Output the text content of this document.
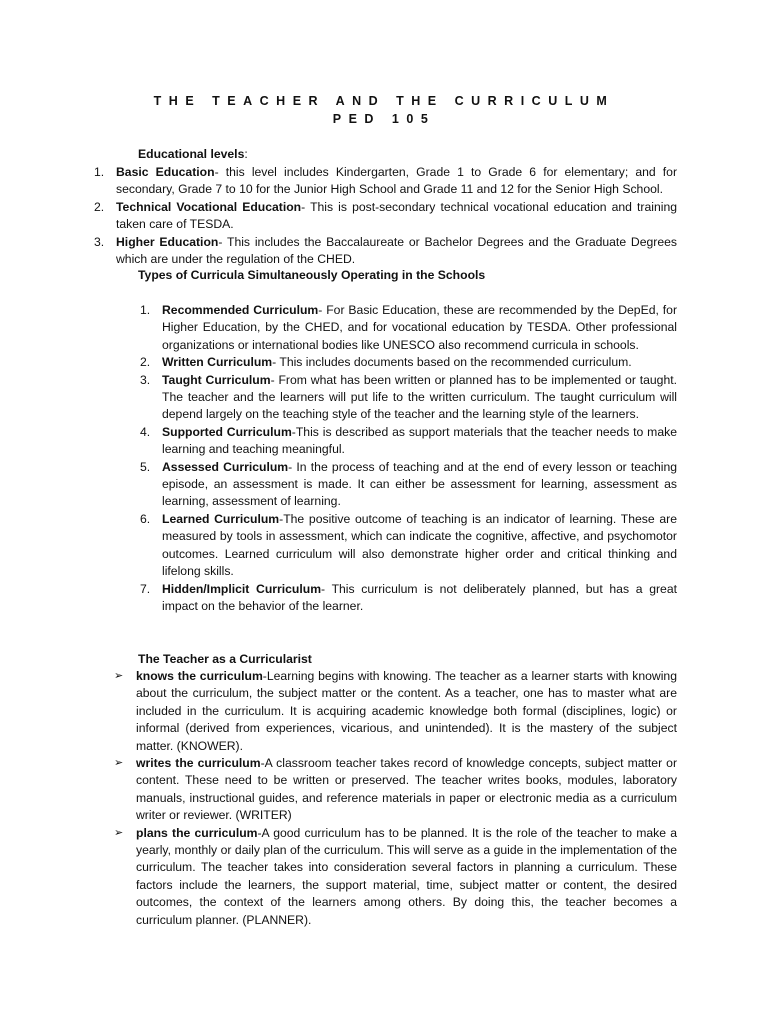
THE TEACHER AND THE CURRICULUM
PED 105
Educational levels:
1. Basic Education- this level includes Kindergarten, Grade 1 to Grade 6 for elementary; and for secondary, Grade 7 to 10 for the Junior High School and Grade 11 and 12 for the Senior High School.
2. Technical Vocational Education- This is post-secondary technical vocational education and training taken care of TESDA.
3. Higher Education- This includes the Baccalaureate or Bachelor Degrees and the Graduate Degrees which are under the regulation of the CHED.
Types of Curricula Simultaneously Operating in the Schools
1. Recommended Curriculum- For Basic Education, these are recommended by the DepEd, for Higher Education, by the CHED, and for vocational education by TESDA. Other professional organizations or international bodies like UNESCO also recommend curricula in schools.
2. Written Curriculum- This includes documents based on the recommended curriculum.
3. Taught Curriculum- From what has been written or planned has to be implemented or taught. The teacher and the learners will put life to the written curriculum. The taught curriculum will depend largely on the teaching style of the teacher and the learning style of the learners.
4. Supported Curriculum-This is described as support materials that the teacher needs to make learning and teaching meaningful.
5. Assessed Curriculum- In the process of teaching and at the end of every lesson or teaching episode, an assessment is made. It can either be assessment for learning, assessment as learning, assessment of learning.
6. Learned Curriculum-The positive outcome of teaching is an indicator of learning. These are measured by tools in assessment, which can indicate the cognitive, affective, and psychomotor outcomes. Learned curriculum will also demonstrate higher order and critical thinking and lifelong skills.
7. Hidden/Implicit Curriculum- This curriculum is not deliberately planned, but has a great impact on the behavior of the learner.
The Teacher as a Curricularist
➢ knows the curriculum-Learning begins with knowing. The teacher as a learner starts with knowing about the curriculum, the subject matter or the content. As a teacher, one has to master what are included in the curriculum. It is acquiring academic knowledge both formal (disciplines, logic) or informal (derived from experiences, vicarious, and unintended). It is the mastery of the subject matter. (KNOWER).
➢ writes the curriculum-A classroom teacher takes record of knowledge concepts, subject matter or content. These need to be written or preserved. The teacher writes books, modules, laboratory manuals, instructional guides, and reference materials in paper or electronic media as a curriculum writer or reviewer. (WRITER)
➢ plans the curriculum-A good curriculum has to be planned. It is the role of the teacher to make a yearly, monthly or daily plan of the curriculum. This will serve as a guide in the implementation of the curriculum. The teacher takes into consideration several factors in planning a curriculum. These factors include the learners, the support material, time, subject matter or content, the desired outcomes, the context of the learners among others. By doing this, the teacher becomes a curriculum planner. (PLANNER).
